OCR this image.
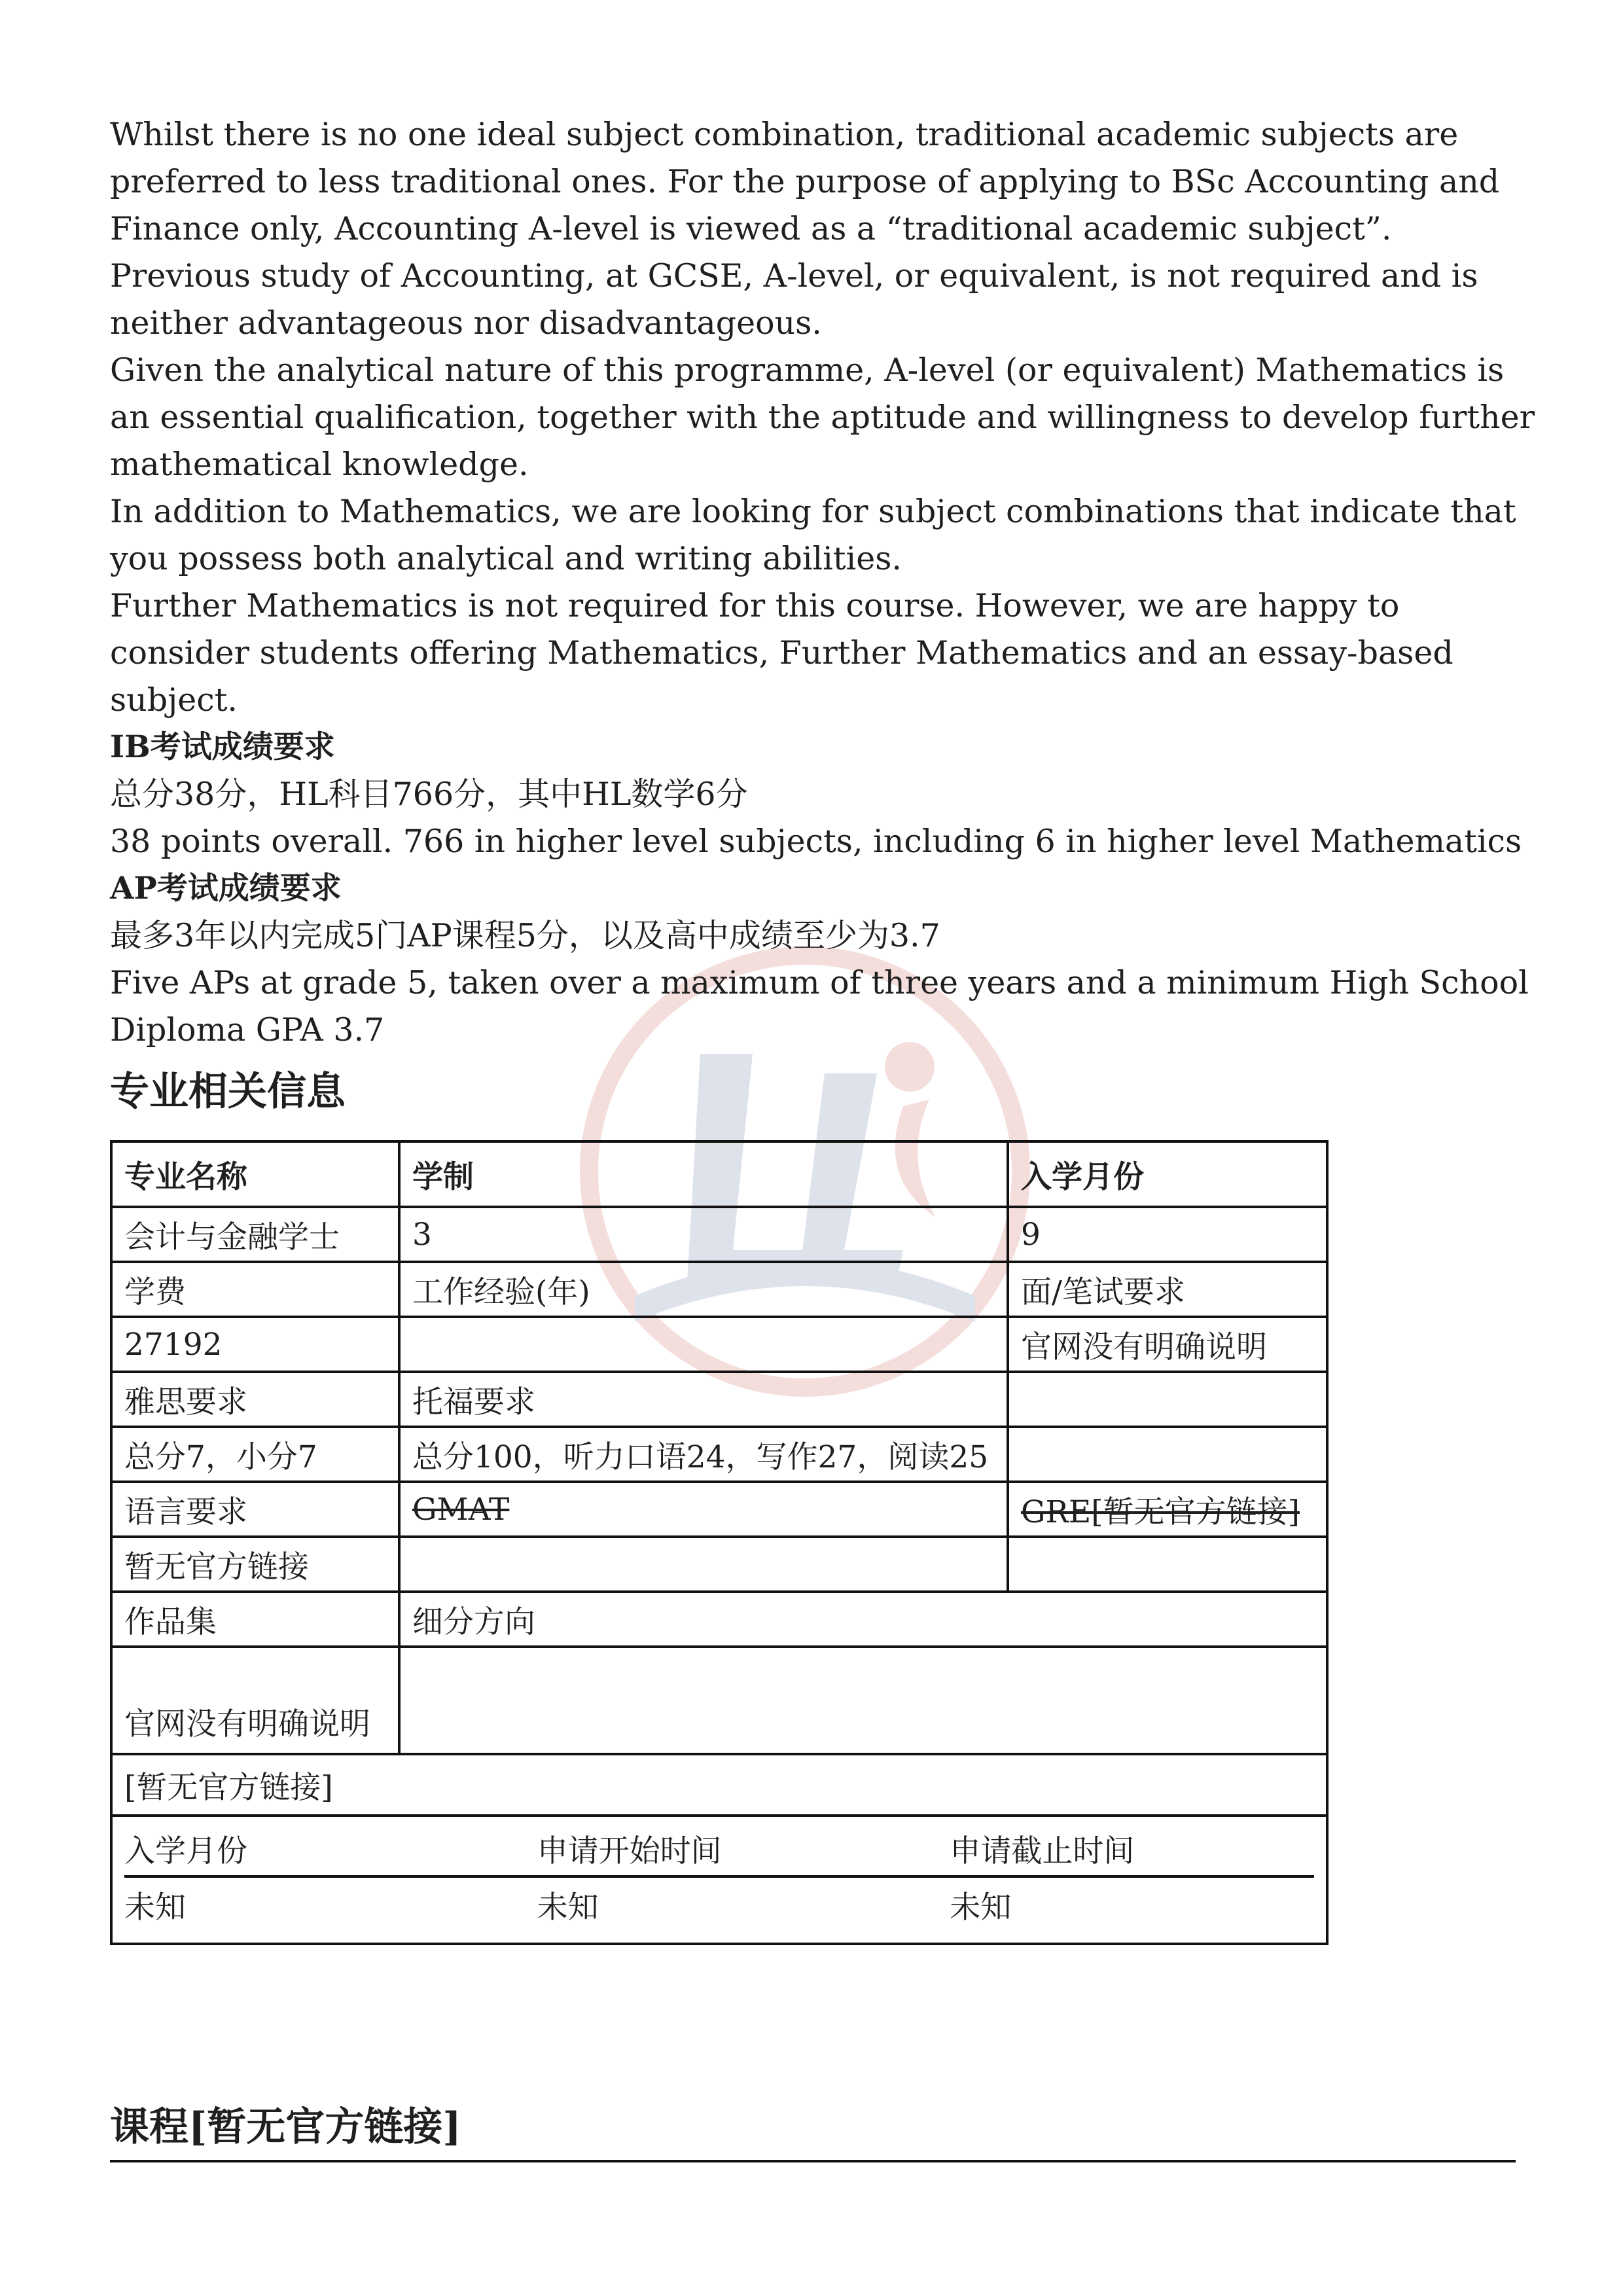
Whilst there is no one ideal subject combination, traditional academic subjects are preferred to less traditional ones. For the purpose of applying to BSc Accounting and Finance only, Accounting A-level is viewed as a “traditional academic subject”. Previous study of Accounting, at GCSE, A-level, or equivalent, is not required and is neither advantageous nor disadvantageous.

Given the analytical nature of this programme, A-level (or equivalent) Mathematics is an essential qualification, together with the aptitude and willingness to develop further mathematical knowledge.

In addition to Mathematics, we are looking for subject combinations that indicate that you possess both analytical and writing abilities.

Further Mathematics is not required for this course. However, we are happy to consider students offering Mathematics, Further Mathematics and an essay-based subject.

IB考试成绩要求

总分38分，HL科目766分，其中HL数学6分

38 points overall. 766 in higher level subjects, including 6 in higher level Mathematics

AP考试成绩要求

最多3年以内完成5门AP课程5分，以及高中成绩至少为3.7

Five APs at grade 5, taken over a maximum of three years and a minimum High School Diploma GPA 3.7

专业相关信息
专业名称	学制	入学月份
会计与金融学士	3	9
学费	工作经验(年)	面/笔试要求
27192		官网没有明确说明
雅思要求	托福要求	
总分7，小分7	总分100，听力口语24，写作27，阅读25	
语言要求	GMAT	GRE[暂无官方链接]
暂无官方链接		
作品集	细分方向
官网没有明确说明	
[暂无官方链接]

入学月份	申请开始时间	申请截止时间
未知	未知	未知
课程[暂无官方链接]
